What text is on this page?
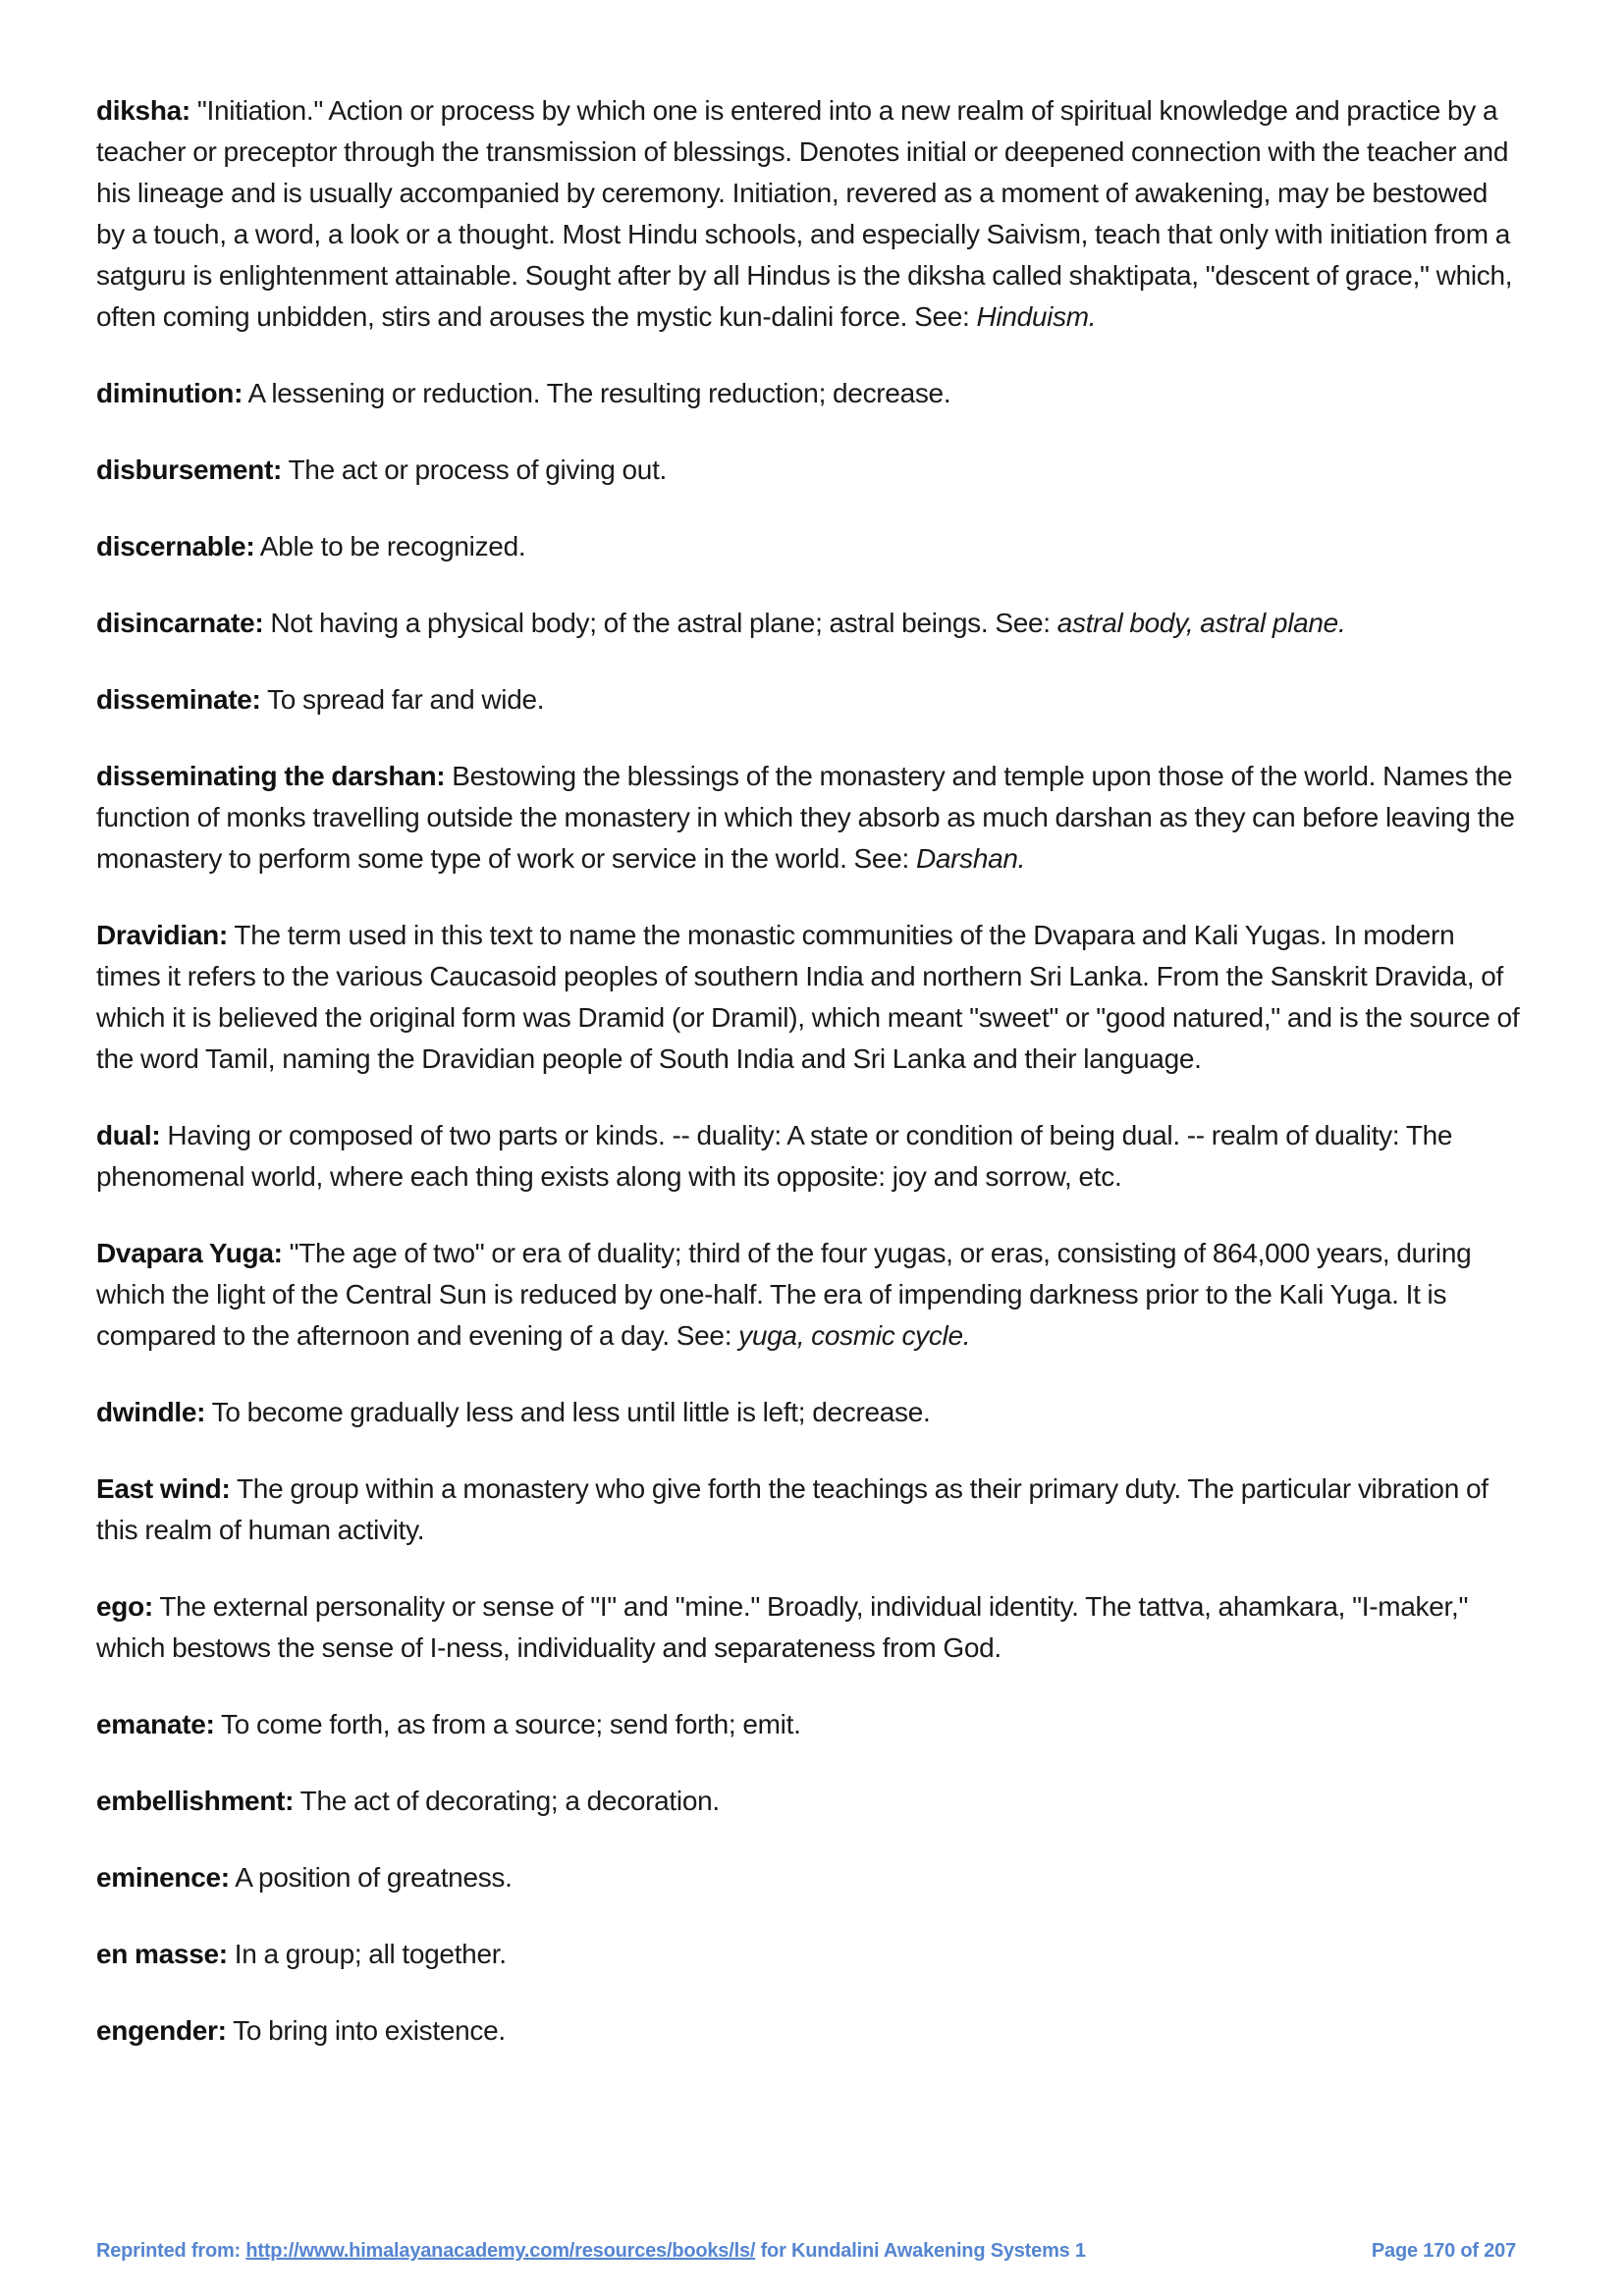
diksha: "Initiation." Action or process by which one is entered into a new realm of spiritual knowledge and practice by a teacher or preceptor through the transmission of blessings. Denotes initial or deepened connection with the teacher and his lineage and is usually accompanied by ceremony. Initiation, revered as a moment of awakening, may be bestowed by a touch, a word, a look or a thought. Most Hindu schools, and especially Saivism, teach that only with initiation from a satguru is enlightenment attainable. Sought after by all Hindus is the diksha called shaktipata, "descent of grace," which, often coming unbidden, stirs and arouses the mystic kun-dalini force. See: Hinduism.

diminution: A lessening or reduction. The resulting reduction; decrease.

disbursement: The act or process of giving out.

discernable: Able to be recognized.

disincarnate: Not having a physical body; of the astral plane; astral beings. See: astral body, astral plane.

disseminate: To spread far and wide.

disseminating the darshan: Bestowing the blessings of the monastery and temple upon those of the world. Names the function of monks travelling outside the monastery in which they absorb as much darshan as they can before leaving the monastery to perform some type of work or service in the world. See: Darshan.

Dravidian: The term used in this text to name the monastic communities of the Dvapara and Kali Yugas. In modern times it refers to the various Caucasoid peoples of southern India and northern Sri Lanka. From the Sanskrit Dravida, of which it is believed the original form was Dramid (or Dramil), which meant "sweet" or "good natured," and is the source of the word Tamil, naming the Dravidian people of South India and Sri Lanka and their language.

dual: Having or composed of two parts or kinds. -- duality: A state or condition of being dual. -- realm of duality: The phenomenal world, where each thing exists along with its opposite: joy and sorrow, etc.

Dvapara Yuga: "The age of two" or era of duality; third of the four yugas, or eras, consisting of 864,000 years, during which the light of the Central Sun is reduced by one-half. The era of impending darkness prior to the Kali Yuga. It is compared to the afternoon and evening of a day. See: yuga, cosmic cycle.

dwindle: To become gradually less and less until little is left; decrease.

East wind: The group within a monastery who give forth the teachings as their primary duty. The particular vibration of this realm of human activity.

ego: The external personality or sense of "I" and "mine." Broadly, individual identity. The tattva, ahamkara, "I-maker," which bestows the sense of I-ness, individuality and separateness from God.

emanate: To come forth, as from a source; send forth; emit.

embellishment: The act of decorating; a decoration.

eminence: A position of greatness.

en masse: In a group; all together.

engender: To bring into existence.

Reprinted from: http://www.himalayanacademy.com/resources/books/ls/ for Kundalini Awakening Systems 1	Page 170 of 207
